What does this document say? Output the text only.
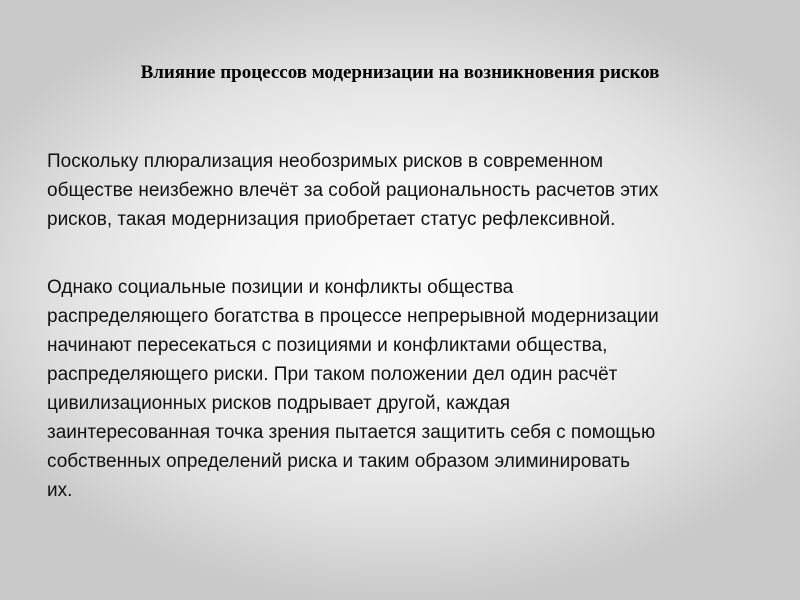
Влияние процессов модернизации на возникновения рисков
Поскольку плюрализация необозримых рисков в современном
обществе неизбежно влечёт за собой рациональность расчетов этих
рисков, такая модернизация приобретает статус рефлексивной.
Однако социальные позиции и конфликты общества
распределяющего богатства в процессе непрерывной модернизации
начинают пересекаться с позициями и конфликтами общества,
распределяющего риски. При таком положении дел один расчёт
цивилизационных рисков подрывает другой, каждая
заинтересованная точка зрения пытается защитить себя с помощью
собственных определений риска и таким образом элиминировать
их.
